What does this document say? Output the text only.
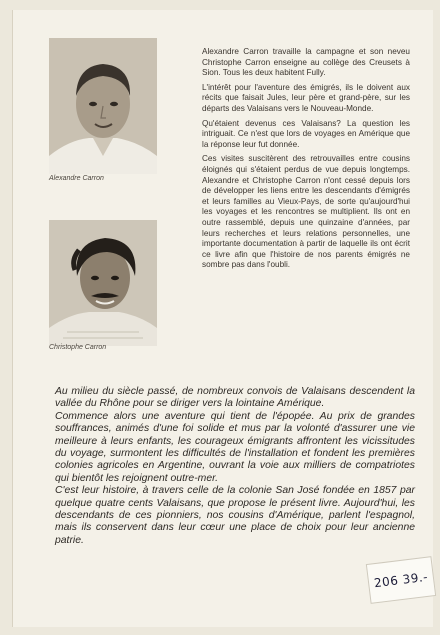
Alexandre Carron
Christophe Carron

Alexandre Carron travaille la campagne et son neveu Christophe Carron enseigne au collège des Creusets à Sion. Tous les deux habitent Fully.

L'intérêt pour l'aventure des émigrés, ils le doivent aux récits que faisait Jules, leur père et grand-père, sur les départs des Valaisans vers le Nouveau-Monde.

Qu'étaient devenus ces Valaisans? La question les intriguait. Ce n'est que lors de voyages en Amérique que la réponse leur fut donnée.

Ces visites suscitèrent des retrouvailles entre cousins éloignés qui s'étaient perdus de vue depuis longtemps. Alexandre et Christophe Carron n'ont cessé depuis lors de développer les liens entre les descendants d'émigrés et leurs familles au Vieux-Pays, de sorte qu'aujourd'hui les voyages et les rencontres se multiplient. Ils ont en outre rassemblé, depuis une quinzaine d'années, par leurs recherches et leurs relations personnelles, une importante documentation à partir de laquelle ils ont écrit ce livre afin que l'histoire de nos parents émigrés ne sombre pas dans l'oubli.

Au milieu du siècle passé, de nombreux convois de Valaisans descendent la vallée du Rhône pour se diriger vers la lointaine Amérique.

Commence alors une aventure qui tient de l'épopée. Au prix de grandes souffrances, animés d'une foi solide et mus par la volonté d'assurer une vie meilleure à leurs enfants, les courageux émigrants affrontent les vicissitudes du voyage, surmontent les difficultés de l'installation et fondent les premières colonies agricoles en Argentine, ouvrant la voie aux milliers de compatriotes qui bientôt les rejoignent outre-mer.

C'est leur histoire, à travers celle de la colonie San José fondée en 1857 par quelque quatre cents Valaisans, que propose le présent livre. Aujourd'hui, les descendants de ces pionniers, nos cousins d'Amérique, parlent l'espagnol, mais ils conservent dans leur cœur une place de choix pour leur ancienne patrie.

206 39.-
